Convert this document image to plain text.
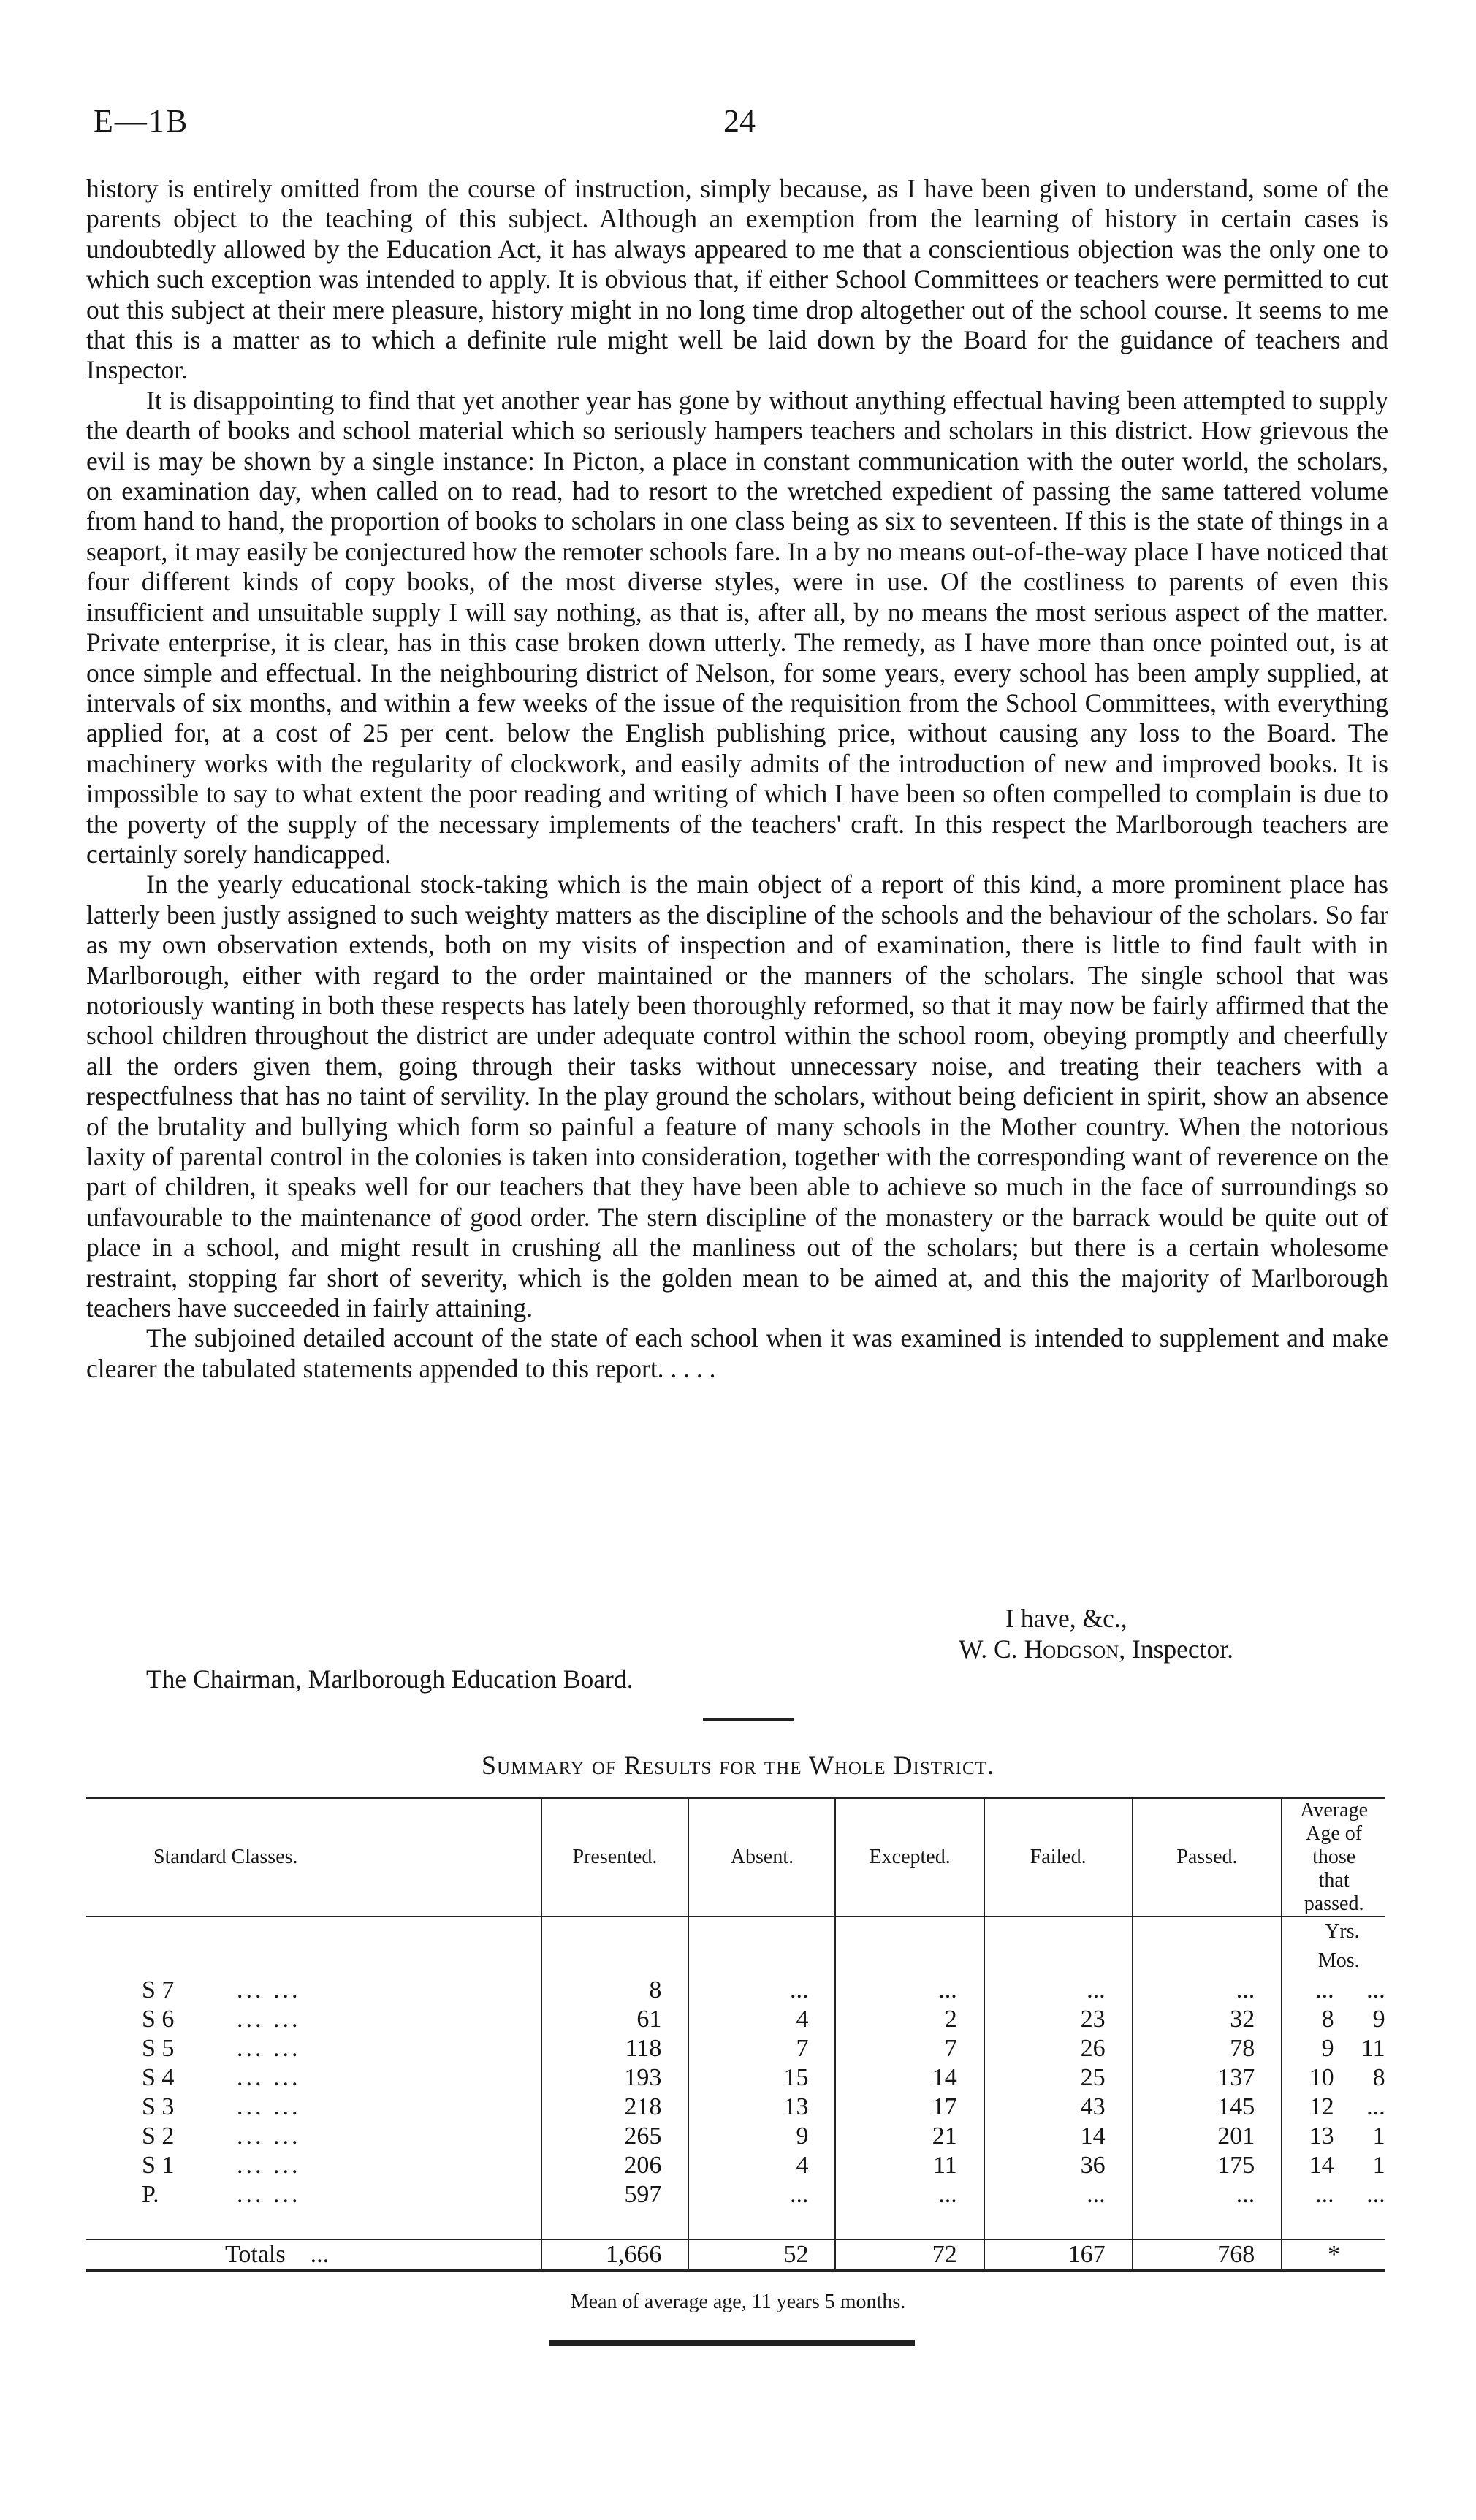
E—1B	24

history is entirely omitted from the course of instruction, simply because, as I have been given to understand, some of the parents object to the teaching of this subject. Although an exemption from the learning of history in certain cases is undoubtedly allowed by the Education Act, it has always appeared to me that a conscientious objection was the only one to which such exception was intended to apply. It is obvious that, if either School Committees or teachers were permitted to cut out this subject at their mere pleasure, history might in no long time drop altogether out of the school course. It seems to me that this is a matter as to which a definite rule might well be laid down by the Board for the guidance of teachers and Inspector.

It is disappointing to find that yet another year has gone by without anything effectual having been attempted to supply the dearth of books and school material which so seriously hampers teachers and scholars in this district. How grievous the evil is may be shown by a single instance: In Picton, a place in constant communication with the outer world, the scholars, on examination day, when called on to read, had to resort to the wretched expedient of passing the same tattered volume from hand to hand, the proportion of books to scholars in one class being as six to seventeen. If this is the state of things in a seaport, it may easily be conjectured how the remoter schools fare. In a by no means out-of-the-way place I have noticed that four different kinds of copy books, of the most diverse styles, were in use. Of the costliness to parents of even this insufficient and unsuitable supply I will say nothing, as that is, after all, by no means the most serious aspect of the matter. Private enterprise, it is clear, has in this case broken down utterly. The remedy, as I have more than once pointed out, is at once simple and effectual. In the neighbouring district of Nelson, for some years, every school has been amply supplied, at intervals of six months, and within a few weeks of the issue of the requisition from the School Committees, with everything applied for, at a cost of 25 per cent. below the English publishing price, without causing any loss to the Board. The machinery works with the regularity of clockwork, and easily admits of the introduction of new and improved books. It is impossible to say to what extent the poor reading and writing of which I have been so often compelled to complain is due to the poverty of the supply of the necessary implements of the teachers' craft. In this respect the Marlborough teachers are certainly sorely handicapped.

In the yearly educational stock-taking which is the main object of a report of this kind, a more prominent place has latterly been justly assigned to such weighty matters as the discipline of the schools and the behaviour of the scholars. So far as my own observation extends, both on my visits of inspection and of examination, there is little to find fault with in Marlborough, either with regard to the order maintained or the manners of the scholars. The single school that was notoriously wanting in both these respects has lately been thoroughly reformed, so that it may now be fairly affirmed that the school children throughout the district are under adequate control within the school room, obeying promptly and cheerfully all the orders given them, going through their tasks without unnecessary noise, and treating their teachers with a respectfulness that has no taint of servility. In the play ground the scholars, without being deficient in spirit, show an absence of the brutality and bullying which form so painful a feature of many schools in the Mother country. When the notorious laxity of parental control in the colonies is taken into consideration, together with the corresponding want of reverence on the part of children, it speaks well for our teachers that they have been able to achieve so much in the face of surroundings so unfavourable to the maintenance of good order. The stern discipline of the monastery or the barrack would be quite out of place in a school, and might result in crushing all the manliness out of the scholars; but there is a certain wholesome restraint, stopping far short of severity, which is the golden mean to be aimed at, and this the majority of Marlborough teachers have succeeded in fairly attaining.

The subjoined detailed account of the state of each school when it was examined is intended to supplement and make clearer the tabulated statements appended to this report. . . . .

I have, &c.,
W. C. Hodgson, Inspector.
The Chairman, Marlborough Education Board.
Summary of Results for the Whole District.
Standard Classes.	Presented.	Absent.	Excepted.	Failed.	Passed.	Average Age of those that passed.
						Yrs. Mos.
S 7 ... ...	8	...	...	...	...	... ...
S 6 ... ...	61	4	2	23	32	8 9
S 5 ... ...	118	7	7	26	78	9 11
S 4 ... ...	193	15	14	25	137	10 8
S 3 ... ...	218	13	17	43	145	12 ...
S 2 ... ...	265	9	21	14	201	13 1
S 1 ... ...	206	4	11	36	175	14 1
P. ... ...	597	...	...	...	...	... ...

Totals ...	1,666	52	72	167	768	*
Mean of average age, 11 years 5 months.
